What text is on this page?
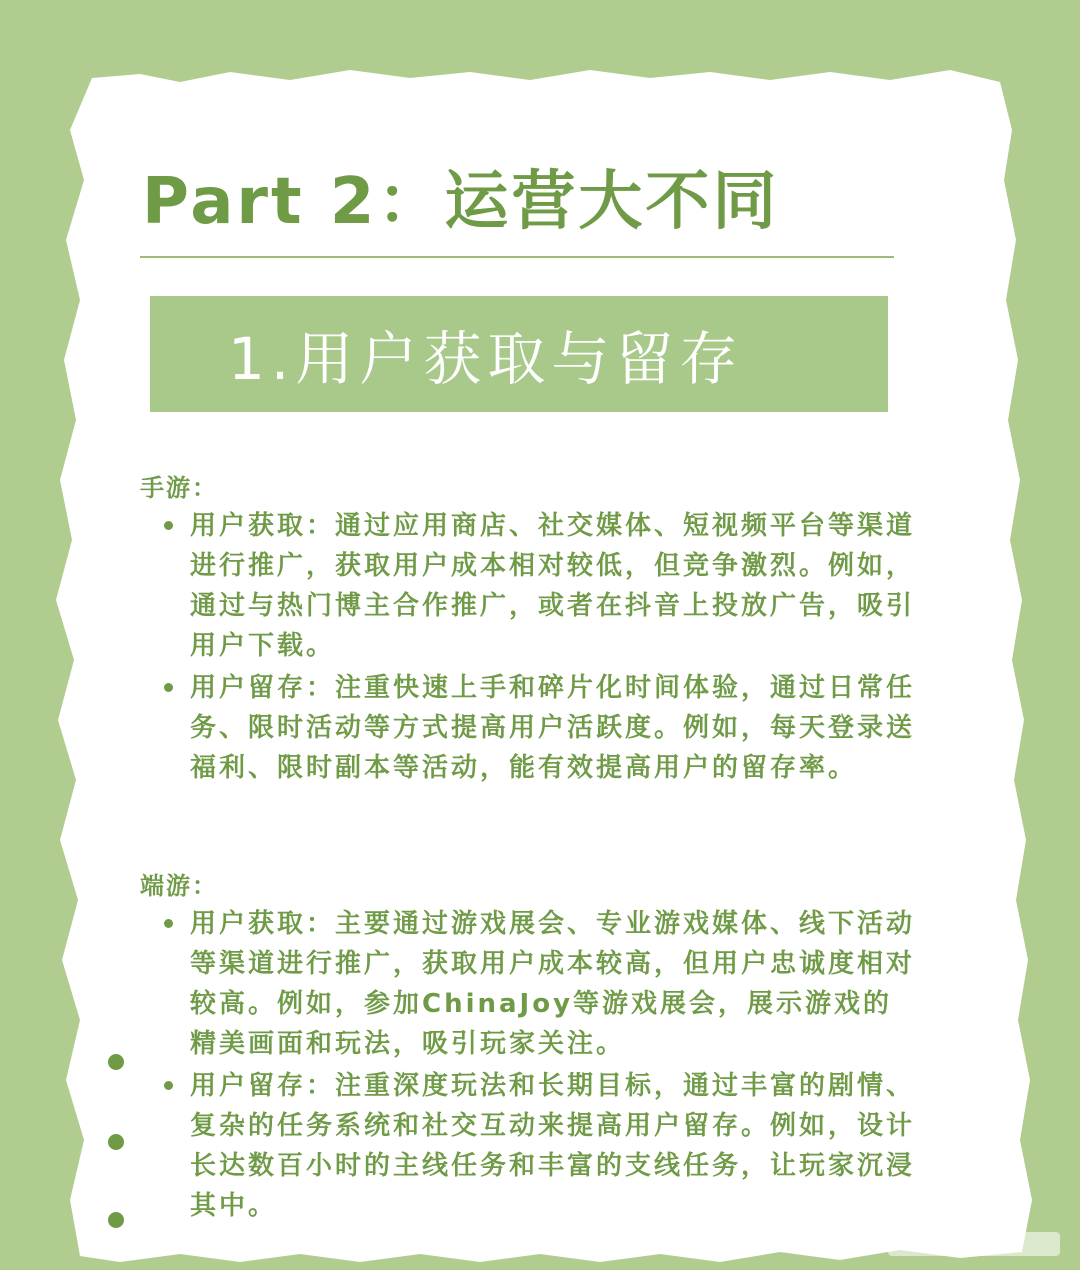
Part 2：运营大不同
1.用户获取与留存
手游：
用户获取：通过应用商店、社交媒体、短视频平台等渠道进行推广，获取用户成本相对较低，但竞争激烈。例如，通过与热门博主合作推广，或者在抖音上投放广告，吸引用户下载。
用户留存：注重快速上手和碎片化时间体验，通过日常任务、限时活动等方式提高用户活跃度。例如，每天登录送福利、限时副本等活动，能有效提高用户的留存率。
端游：
用户获取：主要通过游戏展会、专业游戏媒体、线下活动等渠道进行推广，获取用户成本较高，但用户忠诚度相对较高。例如，参加ChinaJoy等游戏展会，展示游戏的精美画面和玩法，吸引玩家关注。
用户留存：注重深度玩法和长期目标，通过丰富的剧情、复杂的任务系统和社交互动来提高用户留存。例如，设计长达数百小时的主线任务和丰富的支线任务，让玩家沉浸其中。
